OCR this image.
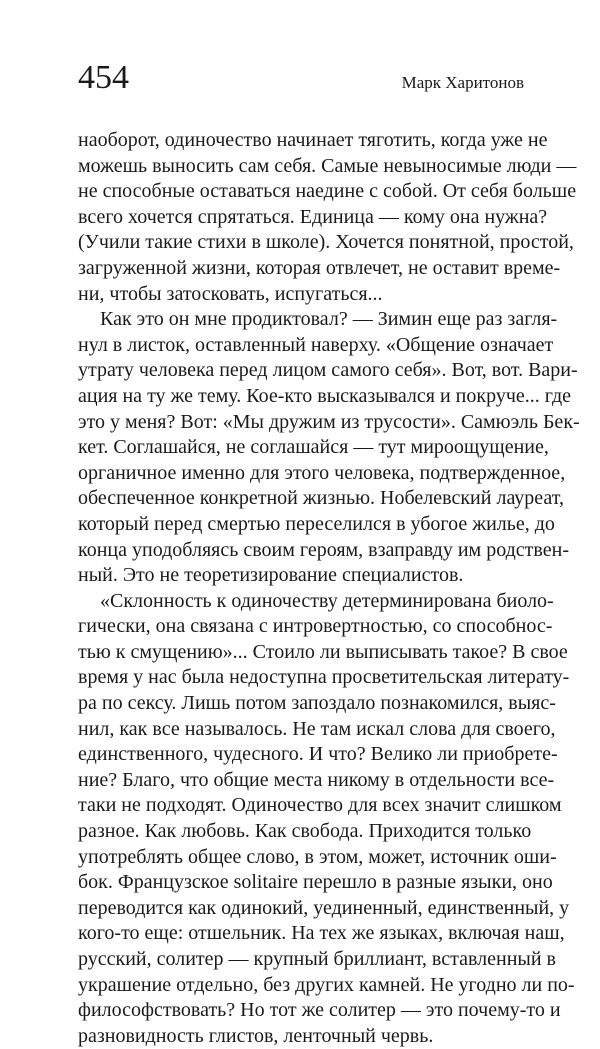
454	Марк Харитонов
наоборот, одиночество начинает тяготить, когда уже не
можешь выносить сам себя. Самые невыносимые люди —
не способные оставаться наедине с собой. От себя больше
всего хочется спрятаться. Единица — кому она нужна?
(Учили такие стихи в школе). Хочется понятной, простой,
загруженной жизни, которая отвлечет, не оставит време-
ни, чтобы затосковать, испугаться...
Как это он мне продиктовал? — Зимин еще раз загля-
нул в листок, оставленный наверху. «Общение означает
утрату человека перед лицом самого себя». Вот, вот. Вари-
ация на ту же тему. Кое-кто высказывался и покруче... где
это у меня? Вот: «Мы дружим из трусости». Самюэль Бек-
кет. Соглашайся, не соглашайся — тут мироощущение,
органичное именно для этого человека, подтвержденное,
обеспеченное конкретной жизнью. Нобелевский лауреат,
который перед смертью переселился в убогое жилье, до
конца уподобляясь своим героям, взаправду им родствен-
ный. Это не теоретизирование специалистов.
«Склонность к одиночеству детерминирована биоло-
гически, она связана с интровертностью, со способнос-
тью к смущению»... Стоило ли выписывать такое? В свое
время у нас была недоступна просветительская литерату-
ра по сексу. Лишь потом запоздало познакомился, выяс-
нил, как все называлось. Не там искал слова для своего,
единственного, чудесного. И что? Велико ли приобрете-
ние? Благо, что общие места никому в отдельности все-
таки не подходят. Одиночество для всех значит слишком
разное. Как любовь. Как свобода. Приходится только
употреблять общее слово, в этом, может, источник оши-
бок. Французское solitaire перешло в разные языки, оно
переводится как одинокий, уединенный, единственный, у
кого-то еще: отшельник. На тех же языках, включая наш,
русский, солитер — крупный бриллиант, вставленный в
украшение отдельно, без других камней. Не угодно ли по-
философствовать? Но тот же солитер — это почему-то и
разновидность глистов, ленточный червь.
